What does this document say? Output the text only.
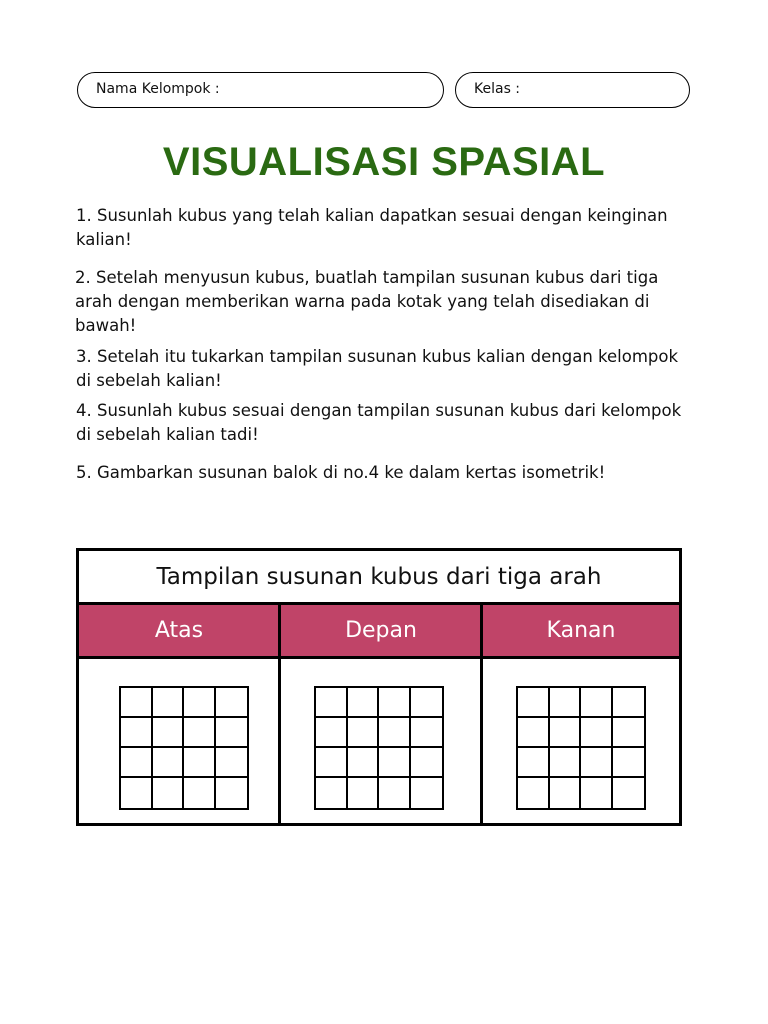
Nama Kelompok :	Kelas :
VISUALISASI SPASIAL
1. Susunlah kubus yang telah kalian dapatkan sesuai dengan keinginan kalian!
2. Setelah menyusun kubus, buatlah tampilan susunan kubus dari tiga arah dengan memberikan warna pada kotak yang telah disediakan di bawah!
3. Setelah itu tukarkan tampilan susunan kubus kalian dengan kelompok di sebelah kalian!
4. Susunlah kubus sesuai dengan tampilan susunan kubus dari kelompok di sebelah kalian tadi!
5. Gambarkan susunan balok di no.4 ke dalam kertas isometrik!
Tampilan susunan kubus dari tiga arah
Atas	Depan	Kanan
